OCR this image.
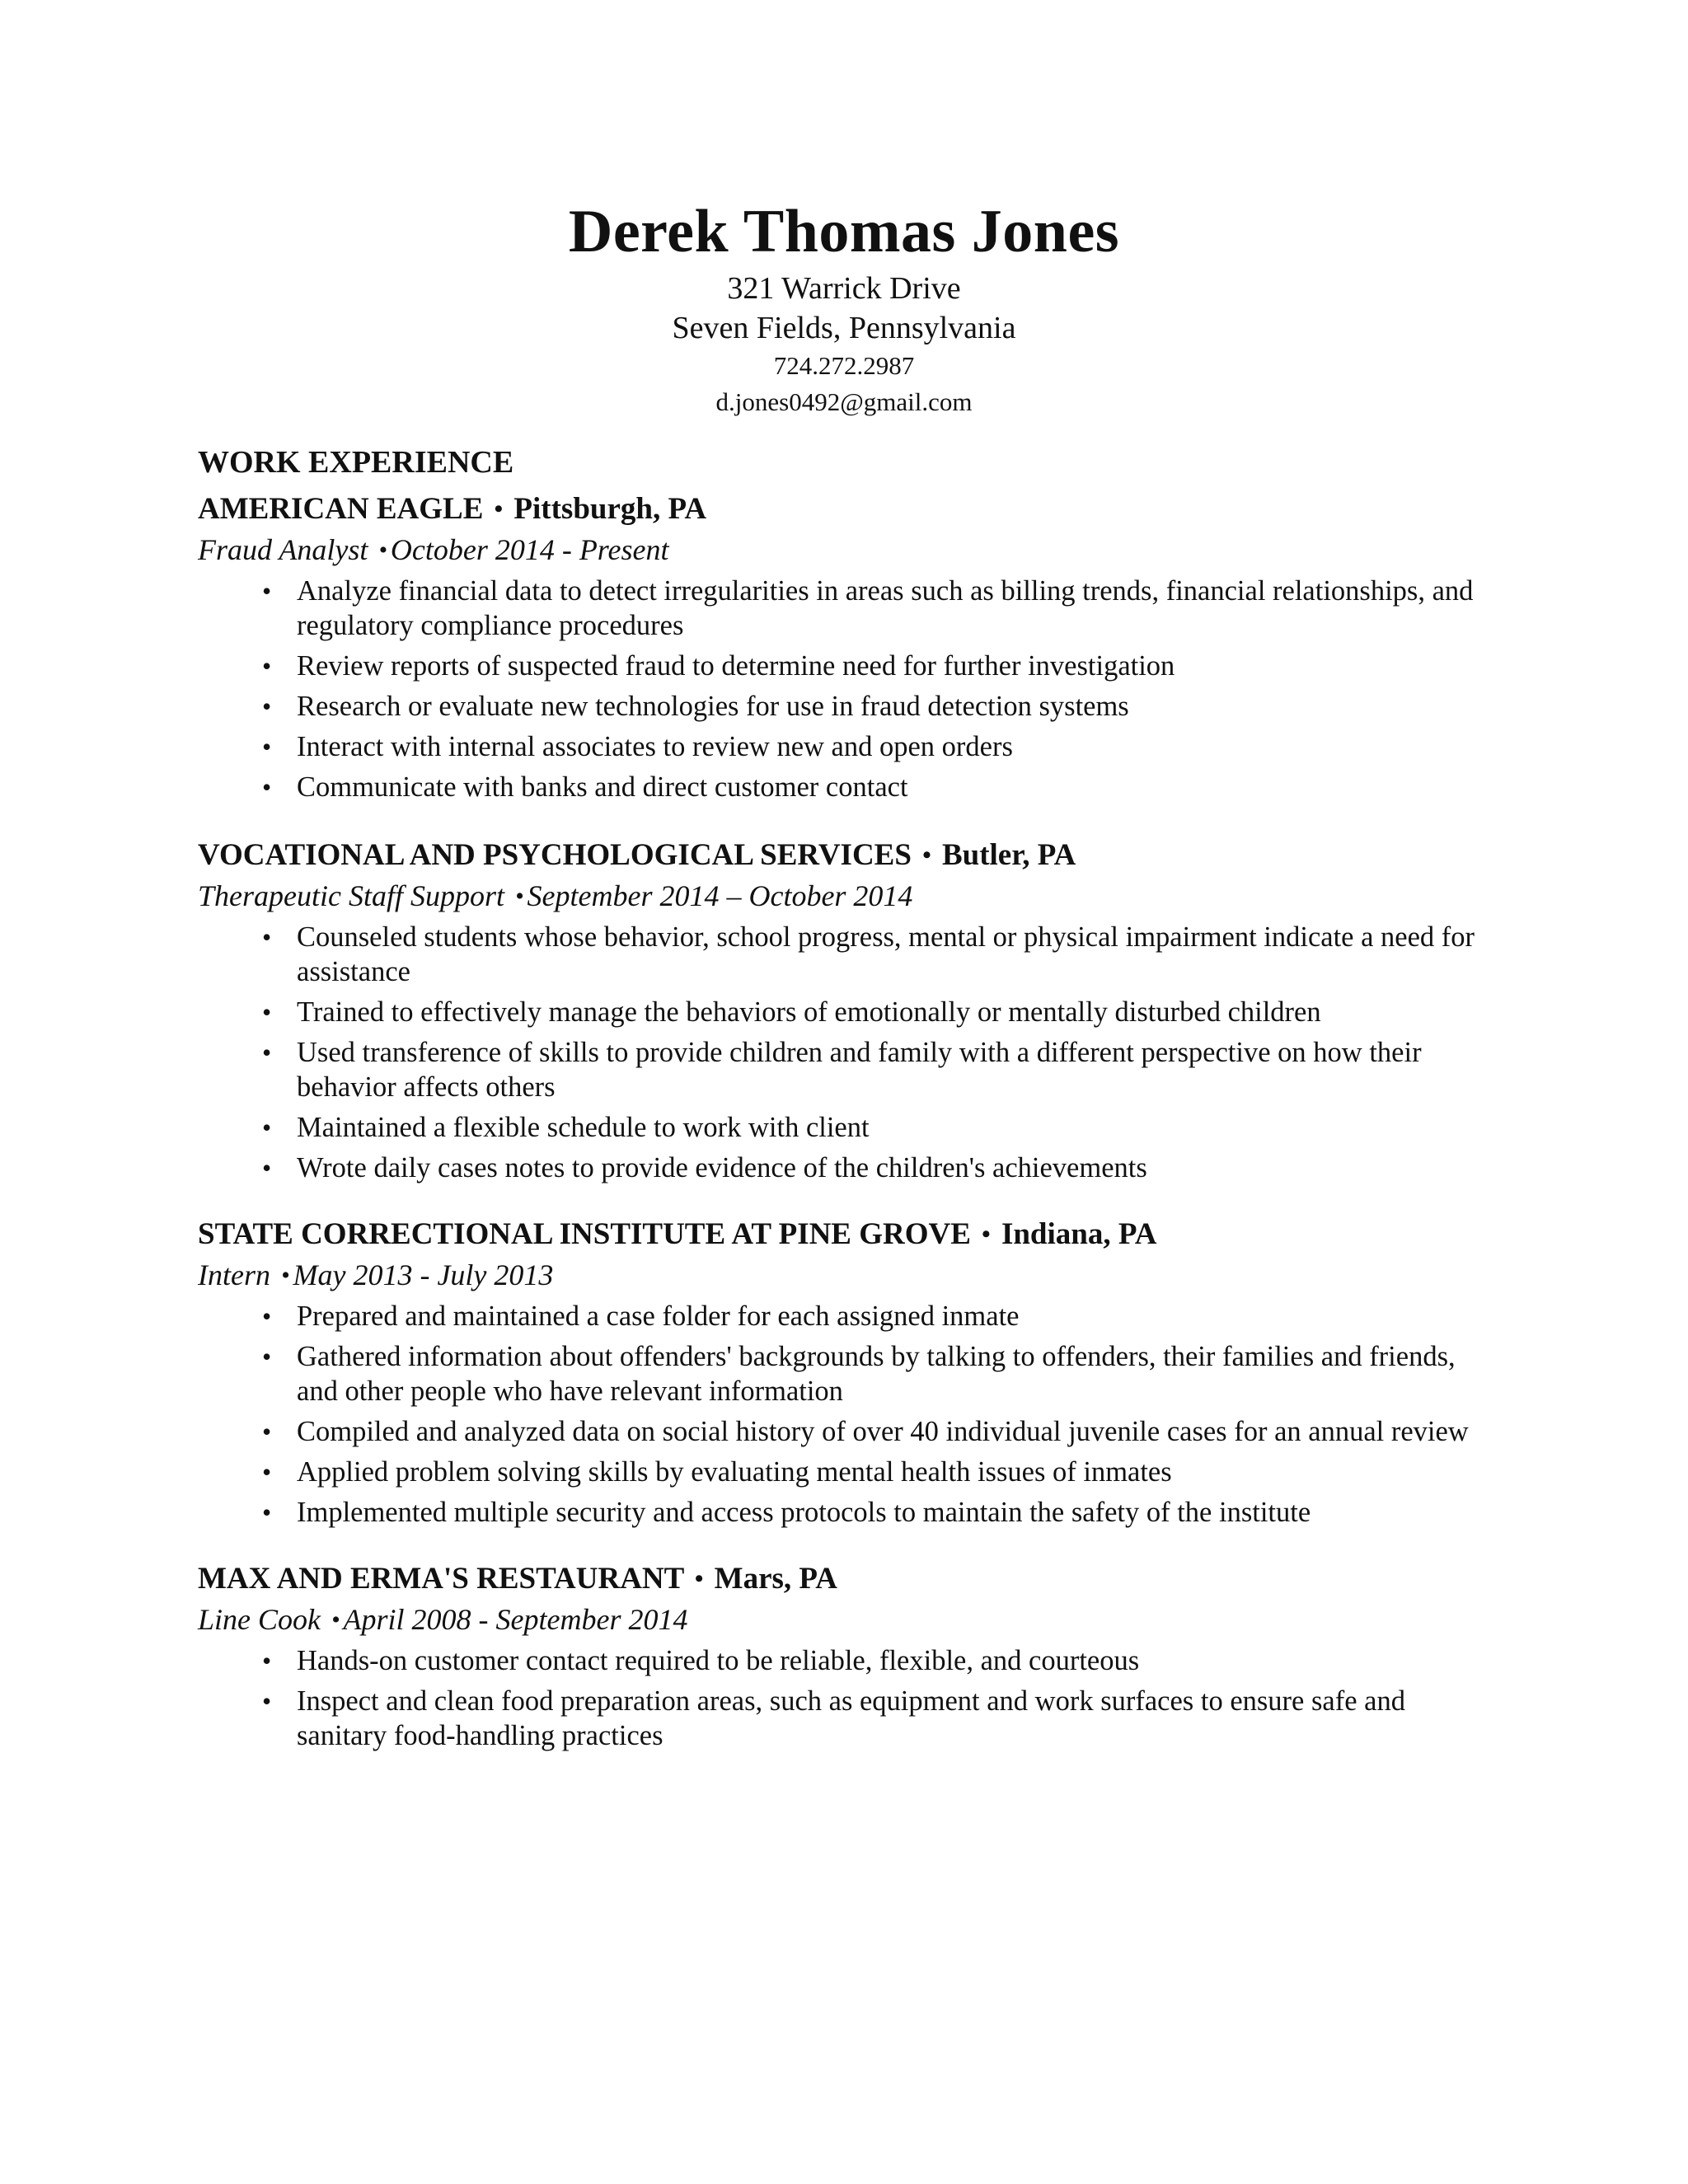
Derek Thomas Jones

321 Warrick Drive

Seven Fields, Pennsylvania

724.272.2987

d.jones0492@gmail.com

WORK EXPERIENCE

AMERICAN EAGLE • Pittsburgh, PA

Fraud Analyst • October 2014 - Present

• Analyze financial data to detect irregularities in areas such as billing trends, financial relationships, and regulatory compliance procedures
• Review reports of suspected fraud to determine need for further investigation
• Research or evaluate new technologies for use in fraud detection systems
• Interact with internal associates to review new and open orders
• Communicate with banks and direct customer contact

VOCATIONAL AND PSYCHOLOGICAL SERVICES • Butler, PA

Therapeutic Staff Support • September 2014 – October 2014

• Counseled students whose behavior, school progress, mental or physical impairment indicate a need for assistance
• Trained to effectively manage the behaviors of emotionally or mentally disturbed children
• Used transference of skills to provide children and family with a different perspective on how their behavior affects others
• Maintained a flexible schedule to work with client
• Wrote daily cases notes to provide evidence of the children's achievements

STATE CORRECTIONAL INSTITUTE AT PINE GROVE • Indiana, PA

Intern • May 2013 - July 2013

• Prepared and maintained a case folder for each assigned inmate
• Gathered information about offenders' backgrounds by talking to offenders, their families and friends, and other people who have relevant information
• Compiled and analyzed data on social history of over 40 individual juvenile cases for an annual review
• Applied problem solving skills by evaluating mental health issues of inmates
• Implemented multiple security and access protocols to maintain the safety of the institute

MAX AND ERMA'S RESTAURANT • Mars, PA

Line Cook • April 2008 - September 2014

• Hands-on customer contact required to be reliable, flexible, and courteous
• Inspect and clean food preparation areas, such as equipment and work surfaces to ensure safe and sanitary food-handling practices
